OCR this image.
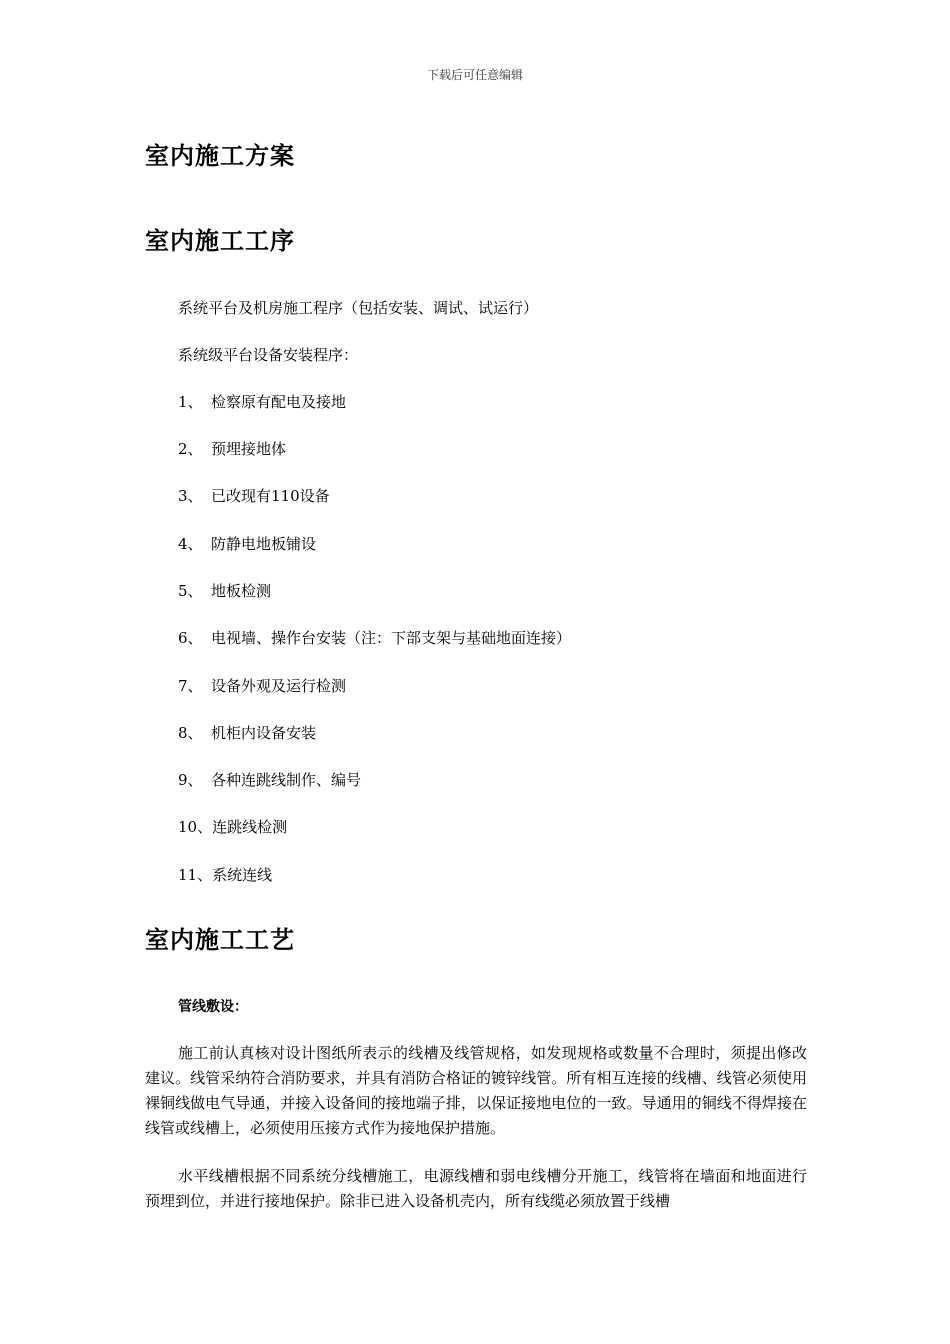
下载后可任意编辑
室内施工方案
室内施工工序
系统平台及机房施工程序（包括安装、调试、试运行）
系统级平台设备安装程序：
1、 检察原有配电及接地
2、 预埋接地体
3、 已改现有110设备
4、 防静电地板铺设
5、 地板检测
6、 电视墙、操作台安装（注：下部支架与基础地面连接）
7、 设备外观及运行检测
8、 机柜内设备安装
9、 各种连跳线制作、编号
10、连跳线检测
11、系统连线
室内施工工艺
管线敷设：
施工前认真核对设计图纸所表示的线槽及线管规格，如发现规格或数量不合理时，须提出修改建议。线管采纳符合消防要求，并具有消防合格证的镀锌线管。所有相互连接的线槽、线管必须使用裸铜线做电气导通，并接入设备间的接地端子排，以保证接地电位的一致。导通用的铜线不得焊接在线管或线槽上，必须使用压接方式作为接地保护措施。
水平线槽根据不同系统分线槽施工，电源线槽和弱电线槽分开施工，线管将在墙面和地面进行预埋到位，并进行接地保护。除非已进入设备机壳内，所有线缆必须放置于线槽
